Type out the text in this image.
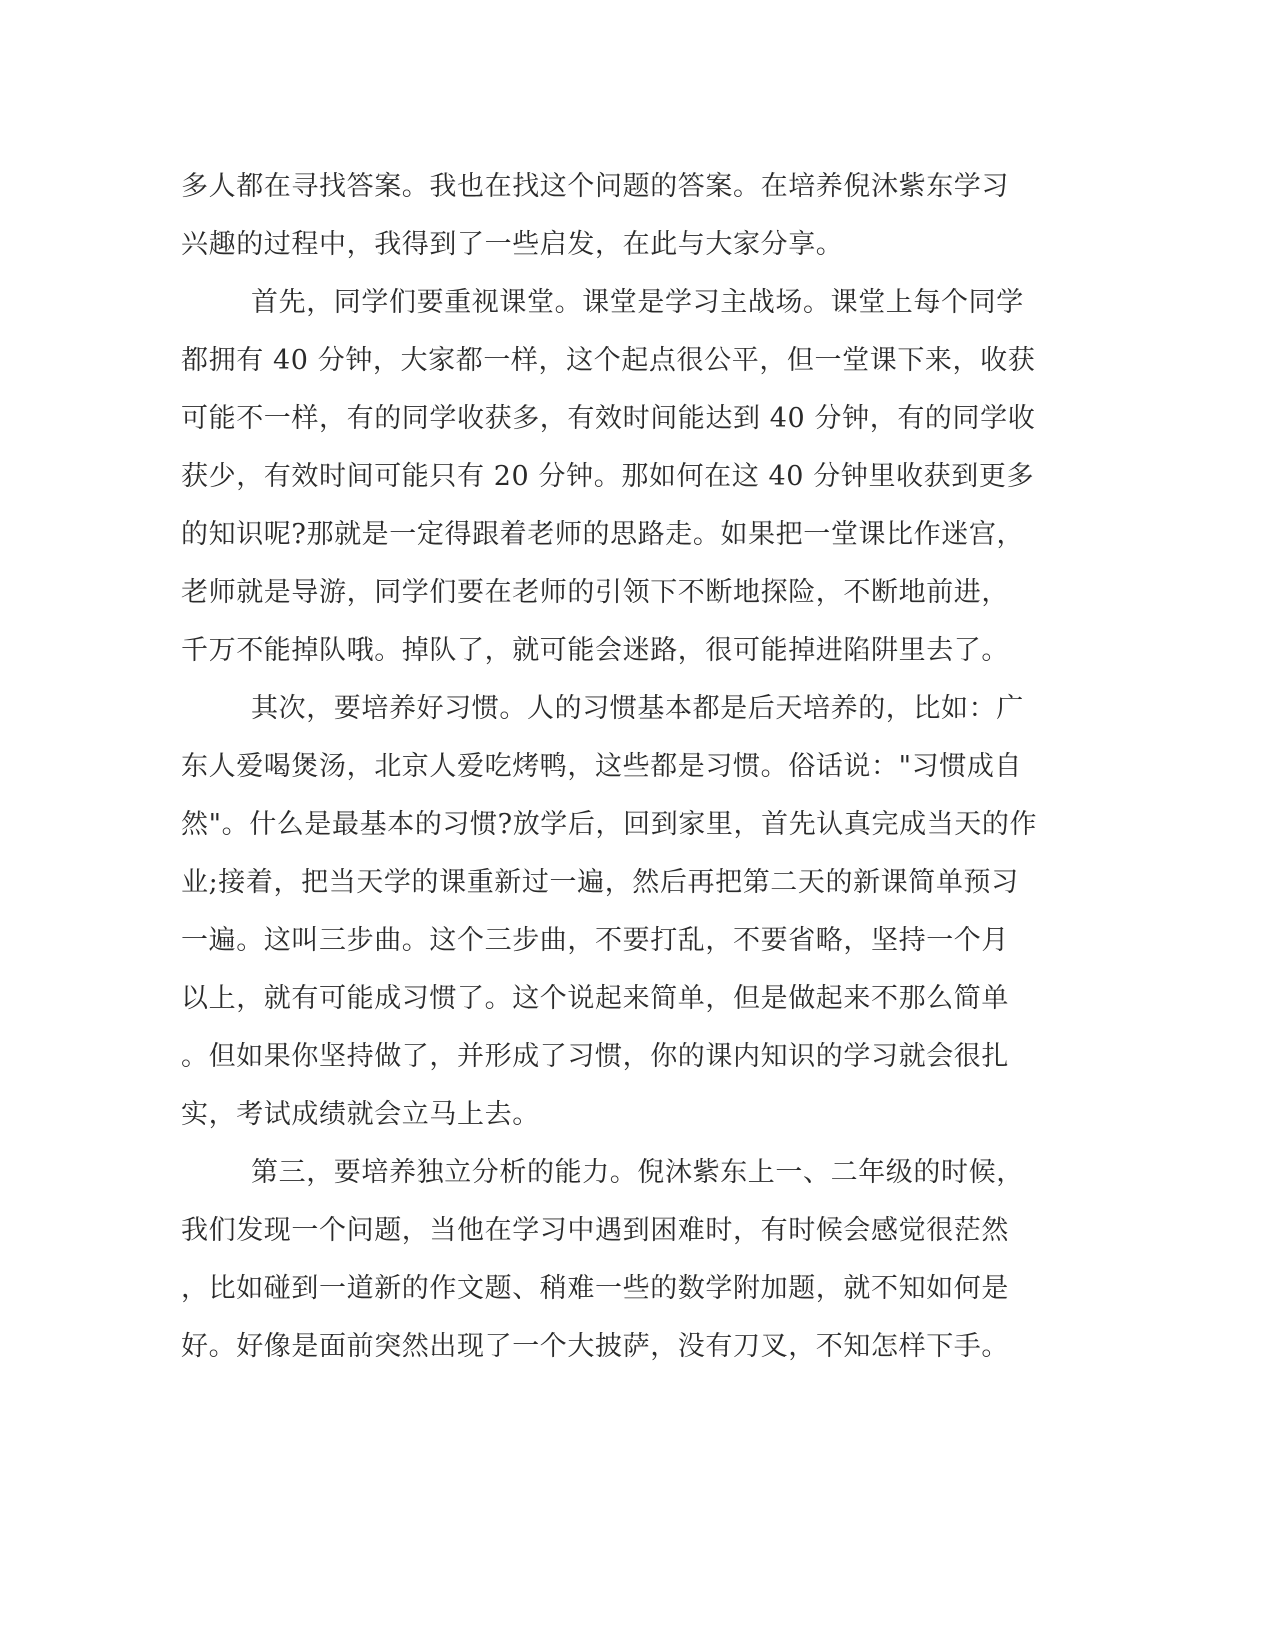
多人都在寻找答案。我也在找这个问题的答案。在培养倪沐紫东学习
兴趣的过程中，我得到了一些启发，在此与大家分享。
首先，同学们要重视课堂。课堂是学习主战场。课堂上每个同学
都拥有 40 分钟，大家都一样，这个起点很公平，但一堂课下来，收获
可能不一样，有的同学收获多，有效时间能达到 40 分钟，有的同学收
获少，有效时间可能只有 20 分钟。那如何在这 40 分钟里收获到更多
的知识呢?那就是一定得跟着老师的思路走。如果把一堂课比作迷宫，
老师就是导游，同学们要在老师的引领下不断地探险，不断地前进，
千万不能掉队哦。掉队了，就可能会迷路，很可能掉进陷阱里去了。
其次，要培养好习惯。人的习惯基本都是后天培养的，比如：广
东人爱喝煲汤，北京人爱吃烤鸭，这些都是习惯。俗话说："习惯成自
然"。什么是最基本的习惯?放学后，回到家里，首先认真完成当天的作
业;接着，把当天学的课重新过一遍，然后再把第二天的新课简单预习
一遍。这叫三步曲。这个三步曲，不要打乱，不要省略，坚持一个月
以上，就有可能成习惯了。这个说起来简单，但是做起来不那么简单
。但如果你坚持做了，并形成了习惯，你的课内知识的学习就会很扎
实，考试成绩就会立马上去。
第三，要培养独立分析的能力。倪沐紫东上一、二年级的时候，
我们发现一个问题，当他在学习中遇到困难时，有时候会感觉很茫然
，比如碰到一道新的作文题、稍难一些的数学附加题，就不知如何是
好。好像是面前突然出现了一个大披萨，没有刀叉，不知怎样下手。
